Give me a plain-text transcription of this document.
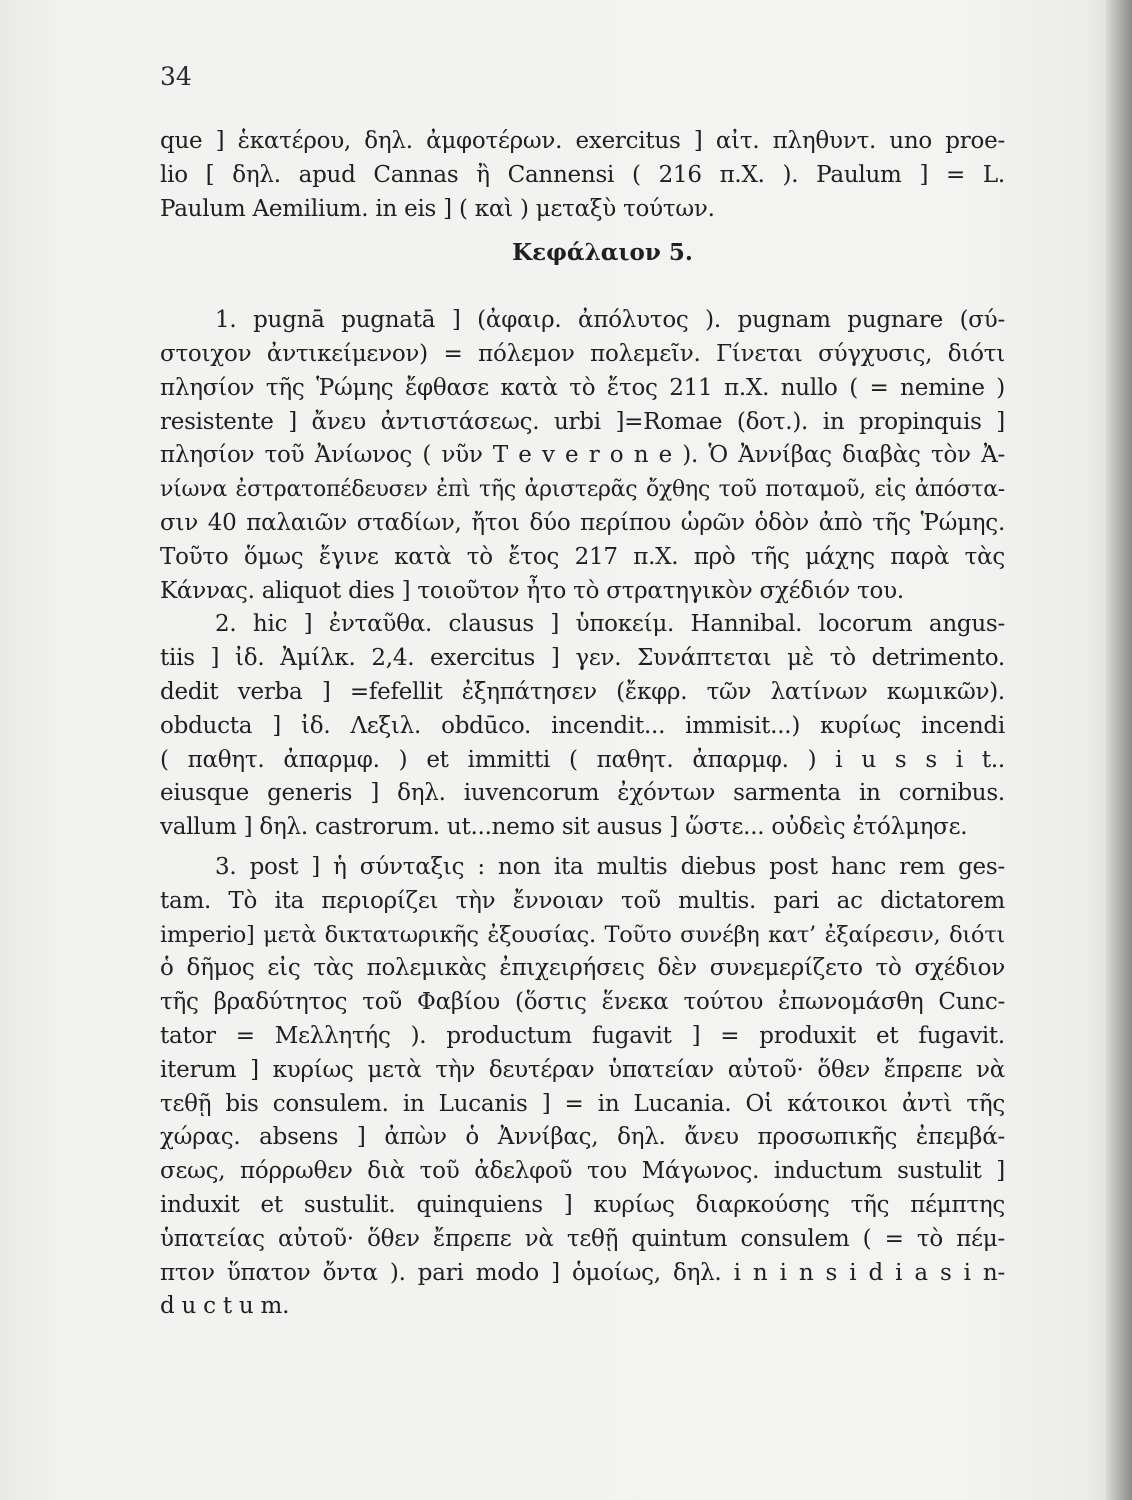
34
que ] ἑκατέρου, δηλ. ἀμφοτέρων. exercitus ] αἰτ. πληθυντ. uno proe-
lio [ δηλ. apud Cannas ἢ Cannensi ( 216 π.Χ. ). Paulum ] = L.
Paulum Aemilium. in eis ] ( καὶ ) μεταξὺ τούτων.
Κεφάλαιον 5.
1. pugnā pugnatā ] (ἀφαιρ. ἀπόλυτος ). pugnam pugnare (σύ-
στοιχον ἀντικείμενον) = πόλεμον πολεμεῖν. Γίνεται σύγχυσις, διότι
πλησίον τῆς Ῥώμης ἔφθασε κατὰ τὸ ἔτος 211 π.Χ. nullo ( = nemine )
resistente ] ἄνευ ἀντιστάσεως. urbi ]=Romae (δοτ.). in propinquis ]
πλησίον τοῦ Ἀνίωνος ( νῦν T e v e r o n e ). Ὁ Ἀννίβας διαβὰς τὸν Ἀ-
νίωνα ἐστρατοπέδευσεν ἐπὶ τῆς ἀριστερᾶς ὄχθης τοῦ ποταμοῦ, εἰς ἀπόστα-
σιν 40 παλαιῶν σταδίων, ἤτοι δύο περίπου ὡρῶν ὁδὸν ἀπὸ τῆς Ῥώμης.
Τοῦτο ὅμως ἔγινε κατὰ τὸ ἔτος 217 π.Χ. πρὸ τῆς μάχης παρὰ τὰς
Κάννας. aliquot dies ] τοιοῦτον ἦτο τὸ στρατηγικὸν σχέδιόν του.
2. hic ] ἐνταῦθα. clausus ] ὑποκείμ. Hannibal. locorum angus-
tiis ] ἰδ. Ἀμίλκ. 2,4. exercitus ] γεν. Συνάπτεται μὲ τὸ detrimento.
dedit verba ] =fefellit ἐξηπάτησεν (ἔκφρ. τῶν λατίνων κωμικῶν).
obducta ] ἰδ. Λεξιλ. obdūco. incendit... immisit...) κυρίως incendi
( παθητ. ἀπαρμφ. ) et immitti ( παθητ. ἀπαρμφ. ) i u s s i t..
eiusque generis ] δηλ. iuvencorum ἐχόντων sarmenta in cornibus.
vallum ] δηλ. castrorum. ut...nemo sit ausus ] ὥστε... οὐδεὶς ἐτόλμησε.
3. post ] ἡ σύνταξις : non ita multis diebus post hanc rem ges-
tam. Τὸ ita περιορίζει τὴν ἔννοιαν τοῦ multis. pari ac dictatorem
imperio] μετὰ δικτατωρικῆς ἐξουσίας. Τοῦτο συνέβη κατ’ ἐξαίρεσιν, διότι
ὁ δῆμος εἰς τὰς πολεμικὰς ἐπιχειρήσεις δὲν συνεμερίζετο τὸ σχέδιον
τῆς βραδύτητος τοῦ Φαβίου (ὅστις ἕνεκα τούτου ἐπωνομάσθη Cunc-
tator = Μελλητής ). productum fugavit ] = produxit et fugavit.
iterum ] κυρίως μετὰ τὴν δευτέραν ὑπατείαν αὐτοῦ· ὅθεν ἔπρεπε νὰ
τεθῇ bis consulem. in Lucanis ] = in Lucania. Οἱ κάτοικοι ἀντὶ τῆς
χώρας. absens ] ἀπὼν ὁ Ἀννίβας, δηλ. ἄνευ προσωπικῆς ἐπεμβά-
σεως, πόρρωθεν διὰ τοῦ ἀδελφοῦ του Μάγωνος. inductum sustulit ]
induxit et sustulit. quinquiens ] κυρίως διαρκούσης τῆς πέμπτης
ὑπατείας αὐτοῦ· ὅθεν ἔπρεπε νὰ τεθῇ quintum consulem ( = τὸ πέμ-
πτον ὕπατον ὄντα ). pari modo ] ὁμοίως, δηλ. i n i n s i d i a s i n-
d u c t u m.
